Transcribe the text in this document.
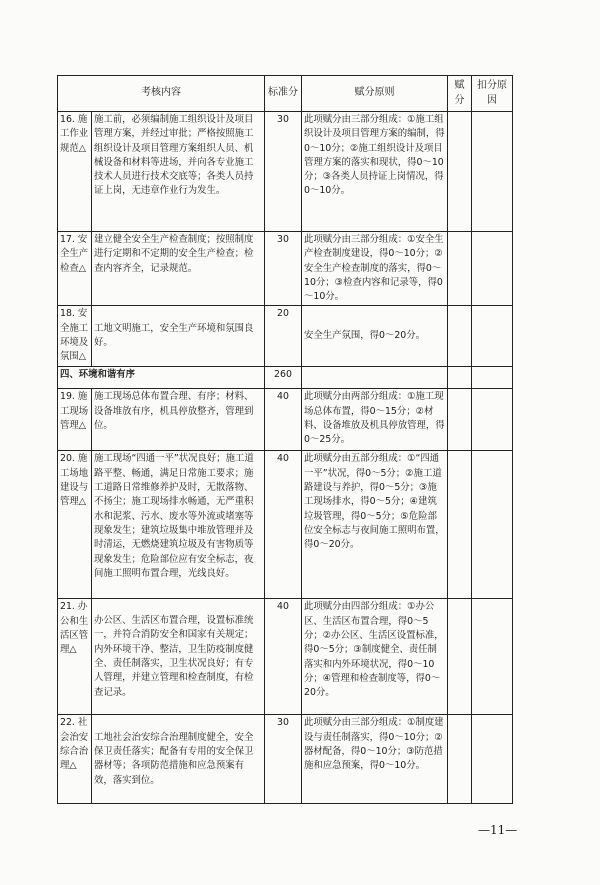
考核内容		标准分	赋分原则	赋分	扣分原因
16. 施工作业规范△	施工前，必须编制施工组织设计及项目管理方案，并经过审批；严格按照施工组织设计及项目管理方案组织人员、机械设备和材料等进场，并向各专业施工技术人员进行技术交底等；各类人员持证上岗，无违章作业行为发生。	30	此项赋分由三部分组成：①施工组织设计及项目管理方案的编制，得0～10分；②施工组织设计及项目管理方案的落实和现状，得0～10分；③各类人员持证上岗情况，得0～10分。		
17. 安全生产检查△	建立健全安全生产检查制度；按照制度进行定期和不定期的安全生产检查；检查内容齐全，记录规范。	30	此项赋分由三部分组成：①安全生产检查制度建设，得0～10分；②安全生产检查制度的落实，得0～10分；③检查内容和记录等，得0～10分。		
18. 安全施工环境及氛围△	工地文明施工，安全生产环境和氛围良好。	20	安全生产氛围，得0～20分。		
四、环境和谐有序		260			
19. 施工现场管理△	施工现场总体布置合理、有序；材料、设备堆放有序，机具停放整齐，管理到位。	40	此项赋分由两部分组成：①施工现场总体布置，得0～15分；②材料、设备堆放及机具停放管理，得0～25分。		
20. 施工场地建设与管理△	施工现场“四通一平”状况良好；施工道路平整、畅通，满足日常施工要求；施工道路日常维修养护及时，无散落物、不扬尘；施工现场排水畅通，无严重积水和泥浆、污水、废水等外流或堵塞等现象发生；建筑垃圾集中堆放管理并及时清运，无燃烧建筑垃圾及有害物质等现象发生；危险部位应有安全标志，夜间施工照明布置合理，光线良好。	40	此项赋分由五部分组成：①“四通一平”状况，得0～5分；②施工道路建设与养护，得0～5分；③施工现场排水，得0～5分；④建筑垃圾管理，得0～5分；⑤危险部位安全标志与夜间施工照明布置，得0～20分。		
21. 办公和生活区管理△	办公区、生活区布置合理，设置标准统一，并符合消防安全和国家有关规定；内外环境干净、整洁，卫生防疫制度健全、责任制落实，卫生状况良好；有专人管理，并建立管理和检查制度，有检查记录。	40	此项赋分由四部分组成：①办公区、生活区布置合理，得0～5分；②办公区、生活区设置标准，得0～5分；③制度健全、责任制落实和内外环境状况，得0～10分；④管理和检查制度等，得0～20分。		
22. 社会治安综合治理△	工地社会治安综合治理制度健全，安全保卫责任落实；配备有专用的安全保卫器材等；各项防范措施和应急预案有效，落实到位。	30	此项赋分由三部分组成：①制度建设与责任制落实，得0～10分；②器材配备，得0～10分；③防范措施和应急预案，得0～10分。		
—11—
